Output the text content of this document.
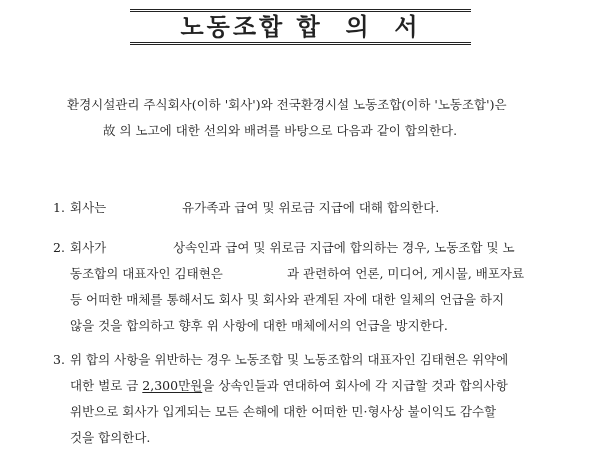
노동조합 합  의  서
환경시설관리 주식회사(이하 '회사')와 전국환경시설 노동조합(이하 '노동조합')은
故 의 노고에 대한 선의와 배려를 바탕으로 다음과 같이 합의한다.
1. 회사는	유가족과 급여 및 위로금 지급에 대해 합의한다.
2. 회사가	상속인과 급여 및 위로금 지급에 합의하는 경우, 노동조합 및 노
동조합의 대표자인 김태현은	과 관련하여 언론, 미디어, 게시물, 배포자료
등 어떠한 매체를 통해서도 회사 및 회사와 관계된 자에 대한 일체의 언급을 하지
않을 것을 합의하고 향후 위 사항에 대한 매체에서의 언급을 방지한다.
3. 위 합의 사항을 위반하는 경우 노동조합 및 노동조합의 대표자인 김태현은 위약에
대한 벌로 금 2,300만원을 상속인들과 연대하여 회사에 각 지급할 것과 합의사항
위반으로 회사가 입게되는 모든 손해에 대한 어떠한 민·형사상 불이익도 감수할
것을 합의한다.
